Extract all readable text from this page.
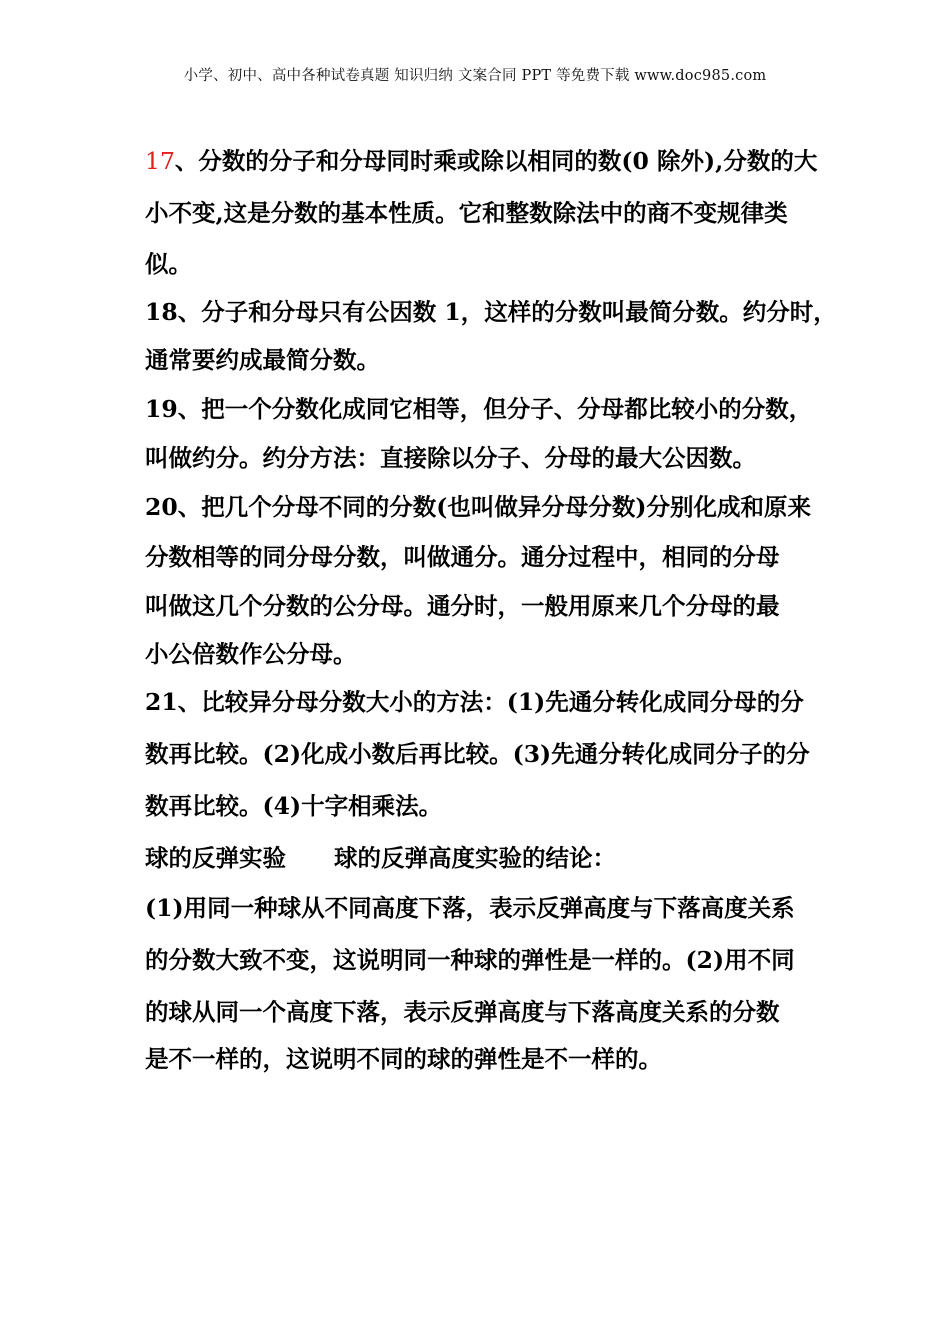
小学、初中、高中各种试卷真题 知识归纳 文案合同 PPT 等免费下载 www.doc985.com
17、分数的分子和分母同时乘或除以相同的数(0 除外),分数的大
小不变,这是分数的基本性质。它和整数除法中的商不变规律类
似。
18、分子和分母只有公因数 1，这样的分数叫最简分数。约分时，
通常要约成最简分数。
19、把一个分数化成同它相等，但分子、分母都比较小的分数，
叫做约分。约分方法：直接除以分子、分母的最大公因数。
20、把几个分母不同的分数(也叫做异分母分数)分别化成和原来
分数相等的同分母分数，叫做通分。通分过程中，相同的分母
叫做这几个分数的公分母。通分时，一般用原来几个分母的最
小公倍数作公分母。
21、比较异分母分数大小的方法：(1)先通分转化成同分母的分
数再比较。(2)化成小数后再比较。(3)先通分转化成同分子的分
数再比较。(4)十字相乘法。
球的反弹实验 球的反弹高度实验的结论：
(1)用同一种球从不同高度下落，表示反弹高度与下落高度关系
的分数大致不变，这说明同一种球的弹性是一样的。(2)用不同
的球从同一个高度下落，表示反弹高度与下落高度关系的分数
是不一样的，这说明不同的球的弹性是不一样的。
